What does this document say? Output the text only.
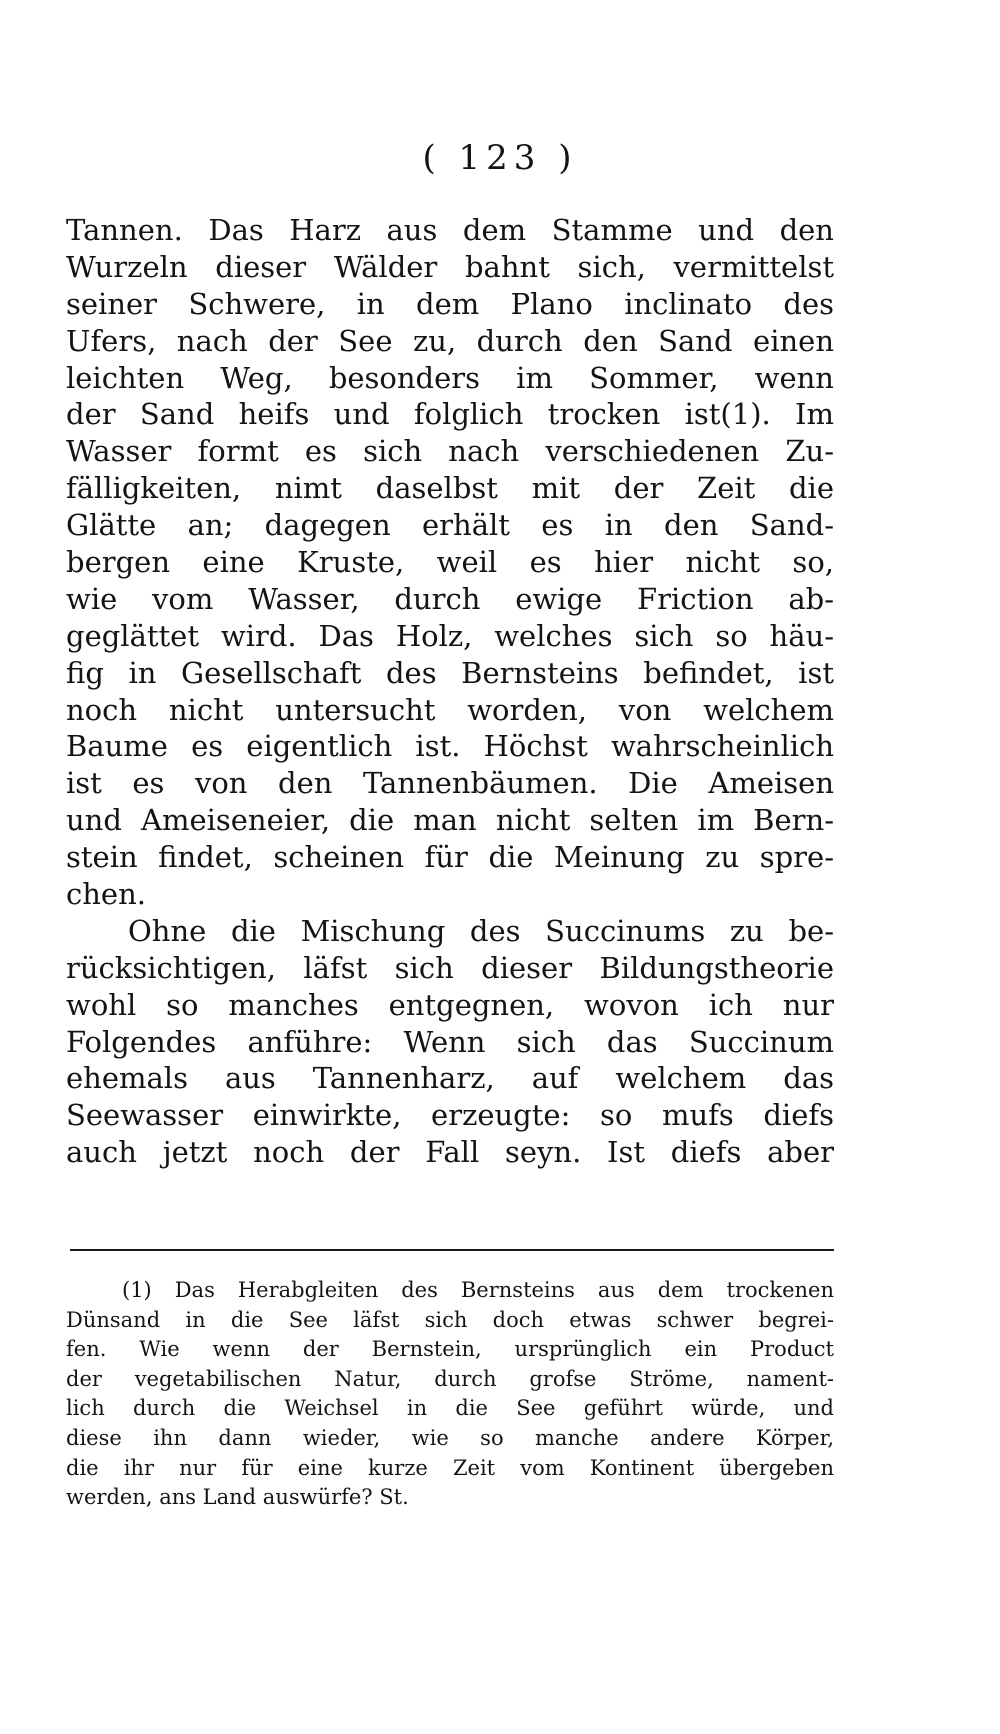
( 123 )
Tannen. Das Harz aus dem Stamme und den
Wurzeln dieser Wälder bahnt sich, vermittelst
seiner Schwere, in dem Plano inclinato des
Ufers, nach der See zu, durch den Sand einen
leichten Weg, besonders im Sommer, wenn
der Sand heifs und folglich trocken ist(1). Im
Wasser formt es sich nach verschiedenen Zu-
fälligkeiten, nimt daselbst mit der Zeit die
Glätte an; dagegen erhält es in den Sand-
bergen eine Kruste, weil es hier nicht so,
wie vom Wasser, durch ewige Friction ab-
geglättet wird. Das Holz, welches sich so häu-
fig in Gesellschaft des Bernsteins befindet, ist
noch nicht untersucht worden, von welchem
Baume es eigentlich ist. Höchst wahrscheinlich
ist es von den Tannenbäumen. Die Ameisen
und Ameiseneier, die man nicht selten im Bern-
stein findet, scheinen für die Meinung zu spre-
chen.
Ohne die Mischung des Succinums zu be-
rücksichtigen, läfst sich dieser Bildungstheorie
wohl so manches entgegnen, wovon ich nur
Folgendes anführe: Wenn sich das Succinum
ehemals aus Tannenharz, auf welchem das
Seewasser einwirkte, erzeugte: so mufs diefs
auch jetzt noch der Fall seyn. Ist diefs aber
(1) Das Herabgleiten des Bernsteins aus dem trockenen
Dünsand in die See läfst sich doch etwas schwer begrei-
fen. Wie wenn der Bernstein, ursprünglich ein Product
der vegetabilischen Natur, durch grofse Ströme, nament-
lich durch die Weichsel in die See geführt würde, und
diese ihn dann wieder, wie so manche andere Körper,
die ihr nur für eine kurze Zeit vom Kontinent übergeben
werden, ans Land auswürfe? St.
